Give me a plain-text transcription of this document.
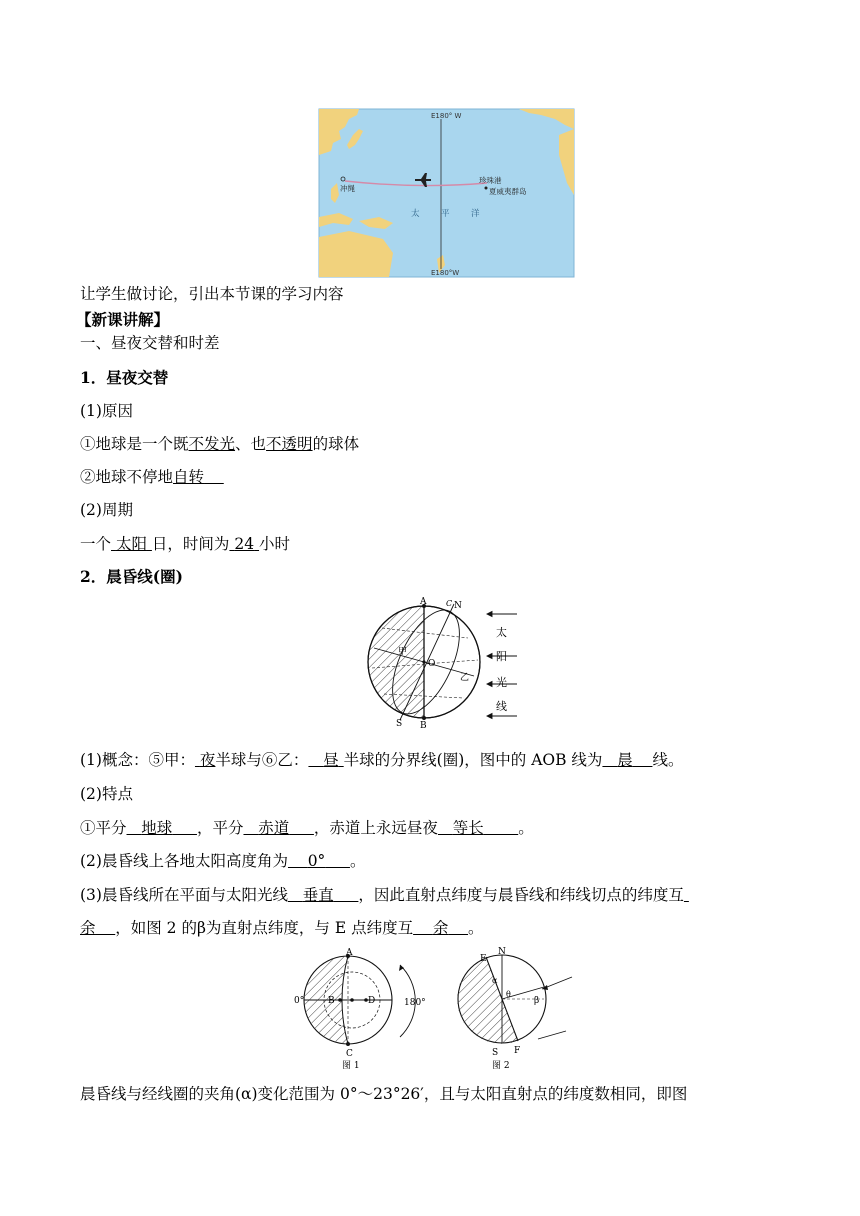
E180° W
E180°W
冲绳
珍珠港
夏威夷群岛
太	平	洋
让学生做讨论，引出本节课的学习内容
【新课讲解】
一、昼夜交替和时差
1．昼夜交替
(1)原因
①地球是一个既不发光、也不透明的球体
②地球不停地自转
(2)周期
一个 太阳 日，时间为 24 小时
2．晨昏线(圈)
A C N
O
S B
甲
乙
太
阳
光
线
(1)概念：⑤甲： 夜半球与⑥乙： 昼 半球的分界线(圈)，图中的 AOB 线为 晨 线。
(2)特点
①平分 地球 ，平分 赤道 ，赤道上永远昼夜 等长 。
(2)晨昏线上各地太阳高度角为 0° 。
(3)晨昏线所在平面与太阳光线 垂直 ，因此直射点纬度与晨昏线和纬线切点的纬度互
余 ，如图 2 的β为直射点纬度，与 E 点纬度互 余 。
A
B	D
C
0°	180°
图 1
E
N
α
θ
β
S F
图 2
晨昏线与经线圈的夹角(α)变化范围为 0°～23°26′，且与太阳直射点的纬度数相同，即图
